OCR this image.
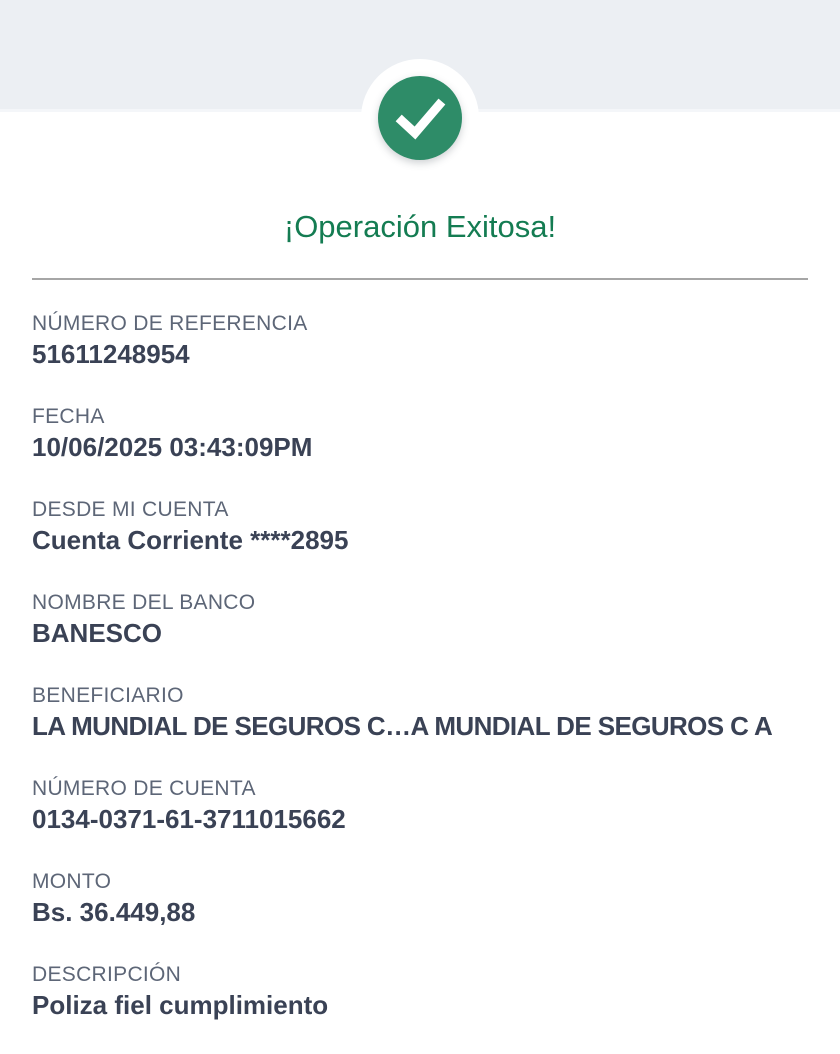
¡Operación Exitosa!
NÚMERO DE REFERENCIA
51611248954
FECHA
10/06/2025 03:43:09PM
DESDE MI CUENTA
Cuenta Corriente ****2895
NOMBRE DEL BANCO
BANESCO
BENEFICIARIO
LA MUNDIAL DE SEGUROS C…A MUNDIAL DE SEGUROS C A
NÚMERO DE CUENTA
0134-0371-61-3711015662
MONTO
Bs. 36.449,88
DESCRIPCIÓN
Poliza fiel cumplimiento
